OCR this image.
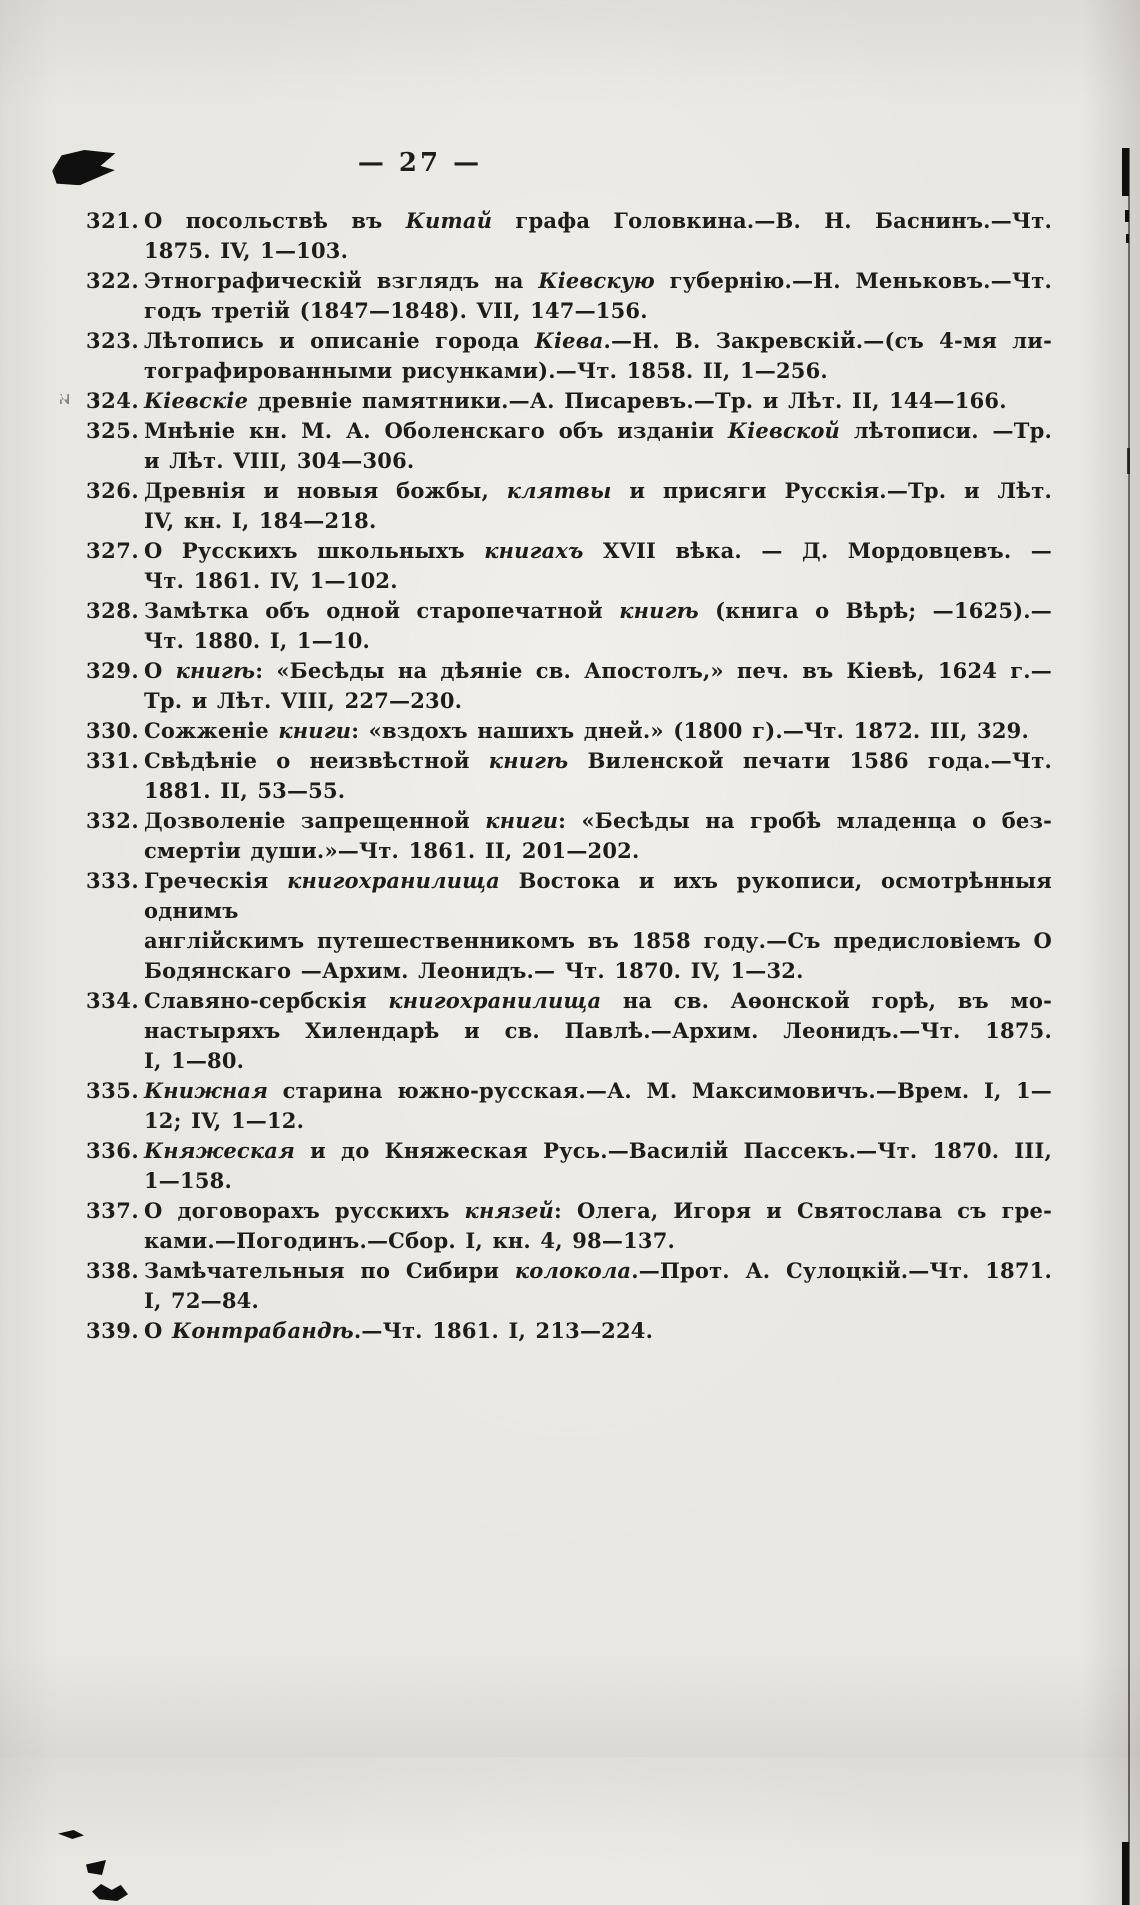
— 27 —
321. О посольствѣ въ Китай графа Головкина.—В. Н. Баснинъ.—Чт.
1875. IV, 1—103.
322. Этнографическій взглядъ на Кіевскую губернію.—Н. Меньковъ.—Чт.
годъ третій (1847—1848). VII, 147—156.
323. Лѣтопись и описаніе города Кіева.—Н. В. Закревскій.—(съ 4-мя ли-
тографированными рисунками).—Чт. 1858. II, 1—256.
324. Кіевскіе древніе памятники.—А. Писаревъ.—Тр. и Лѣт. II, 144—166.
325. Мнѣніе кн. М. А. Оболенскаго объ изданіи Кіевской лѣтописи. —Тр.
и Лѣт. VIII, 304—306.
326. Древнія и новыя божбы, клятвы и присяги Русскія.—Тр. и Лѣт.
IV, кн. I, 184—218.
327. О Русскихъ школьныхъ книгахъ XVII вѣка. — Д. Мордовцевъ. —
Чт. 1861. IV, 1—102.
328. Замѣтка объ одной старопечатной книгѣ (книга о Вѣрѣ; —1625).—
Чт. 1880. I, 1—10.
329. О книгѣ: «Бесѣды на дѣяніе св. Апостолъ,» печ. въ Кіевѣ, 1624 г.—
Тр. и Лѣт. VIII, 227—230.
330. Сожженіе книги: «вздохъ нашихъ дней.» (1800 г).—Чт. 1872. III, 329.
331. Свѣдѣніе о неизвѣстной книгѣ Виленской печати 1586 года.—Чт.
1881. II, 53—55.
332. Дозволеніе запрещенной книги: «Бесѣды на гробѣ младенца о без-
смертіи души.»—Чт. 1861. II, 201—202.
333. Греческія книгохранилища Востока и ихъ рукописи, осмотрѣнныя однимъ
англійскимъ путешественникомъ въ 1858 году.—Съ предисловіемъ О
Бодянскаго —Архим. Леонидъ.— Чт. 1870. IV, 1—32.
334. Славяно-сербскія книгохранилища на св. Аѳонской горѣ, въ мо-
настыряхъ Хилендарѣ и св. Павлѣ.—Архим. Леонидъ.—Чт. 1875.
I, 1—80.
335. Книжная старина южно-русская.—А. М. Максимовичъ.—Врем. I, 1—
12; IV, 1—12.
336. Княжеская и до Княжеская Русь.—Василій Пассекъ.—Чт. 1870. III,
1—158.
337. О договорахъ русскихъ князей: Олега, Игоря и Святослава съ гре-
ками.—Погодинъ.—Сбор. I, кн. 4, 98—137.
338. Замѣчательныя по Сибири колокола.—Прот. А. Сулоцкій.—Чт. 1871.
I, 72—84.
339. О Контрабандѣ.—Чт. 1861. I, 213—224.
